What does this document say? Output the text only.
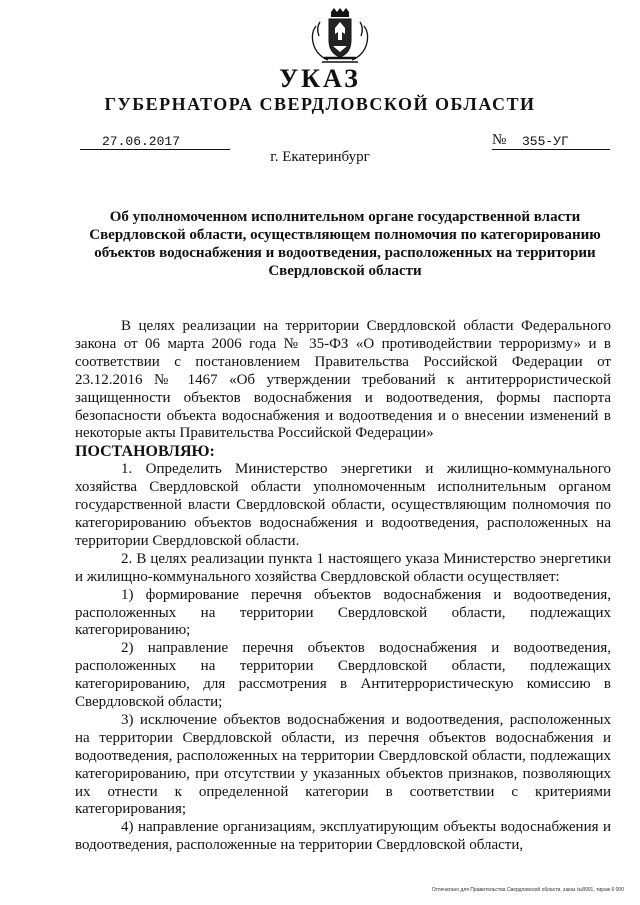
УКАЗ
ГУБЕРНАТОРА СВЕРДЛОВСКОЙ ОБЛАСТИ
27.06.2017	№ 355-УГ
г. Екатеринбург
Об уполномоченном исполнительном органе государственной власти
Свердловской области, осуществляющем полномочия по категорированию
объектов водоснабжения и водоотведения, расположенных на территории
Свердловской области

В целях реализации на территории Свердловской области Федерального закона от 06 марта 2006 года № 35-ФЗ «О противодействии терроризму» и в соответствии с постановлением Правительства Российской Федерации от 23.12.2016 № 1467 «Об утверждении требований к антитеррористической защищенности объектов водоснабжения и водоотведения, формы паспорта безопасности объекта водоснабжения и водоотведения и о внесении изменений в некоторые акты Правительства Российской Федерации»

ПОСТАНОВЛЯЮ:

1. Определить Министерство энергетики и жилищно-коммунального хозяйства Свердловской области уполномоченным исполнительным органом государственной власти Свердловской области, осуществляющим полномочия по категорированию объектов водоснабжения и водоотведения, расположенных на территории Свердловской области.

2. В целях реализации пункта 1 настоящего указа Министерство энергетики и жилищно-коммунального хозяйства Свердловской области осуществляет:

1) формирование перечня объектов водоснабжения и водоотведения, расположенных на территории Свердловской области, подлежащих категорированию;

2) направление перечня объектов водоснабжения и водоотведения, расположенных на территории Свердловской области, подлежащих категорированию, для рассмотрения в Антитеррористическую комиссию в Свердловской области;

3) исключение объектов водоснабжения и водоотведения, расположенных на территории Свердловской области, из перечня объектов водоснабжения и водоотведения, расположенных на территории Свердловской области, подлежащих категорированию, при отсутствии у указанных объектов признаков, позволяющих их отнести к определенной категории в соответствии с критериями категорирования;

4) направление организациям, эксплуатирующим объекты водоснабжения и водоотведения, расположенные на территории Свердловской области,

Отпечатано для Правительства Свердловской области, заказ №8001, тираж 6 000
